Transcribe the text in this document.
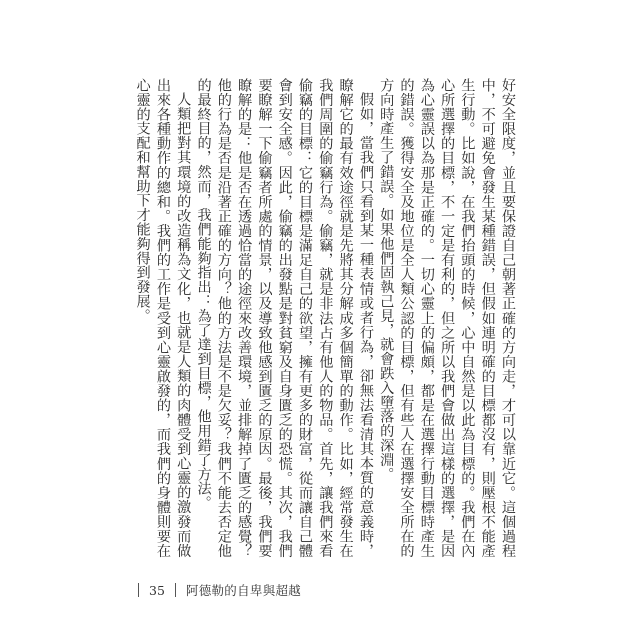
好安全限度，並且要保證自己朝著正確的方向走，才可以靠近它。這個過程中，不可避免會發生某種錯誤，但假如連明確的目標都沒有，則壓根不能產生行動。比如說，在我們抬頭的時候，心中自然是以此為目標的。我們在內心所選擇的目標，不一定是有利的，但之所以我們會做出這樣的選擇，是因為心靈誤以為那是正確的。一切心靈上的偏頗，都是在選擇行動目標時產生的錯誤。獲得安全及地位是全人類公認的目標，但有些人在選擇安全所在的方向時產生了錯誤。如果他們固執己見，就會跌入墮落的深淵。

假如，當我們只看到某一種表情或者行為，卻無法看清其本質的意義時，瞭解它的最有效途徑就是先將其分解成多個簡單的動作。比如，經常發生在我們周圍的偷竊行為。偷竊，就是非法占有他人的物品。首先，讓我們來看偷竊的目標：它的目標是滿足自己的欲望，擁有更多的財富，從而讓自己體會到安全感。因此，偷竊的出發點是對貧窮及自身匱乏的恐慌。其次，我們要瞭解一下偷竊者所處的情景，以及導致他感到匱乏的原因。最後，我們要瞭解的是：他是否在透過恰當的途徑來改善環境，並排解掉了匱乏的感覺？他的行為是否是沿著正確的方向？他的方法是不是欠妥？我們不能去否定他的最終目的，然而，我們能夠指出：為了達到目標，他用錯了方法。

人類把對其環境的改造稱為文化，也就是人類的肉體受到心靈的激發而做出來各種動作的總和。我們的工作是受到心靈啟發的，而我們的身體則要在心靈的支配和幫助下才能夠得到發展。

35 阿德勒的自卑與超越
